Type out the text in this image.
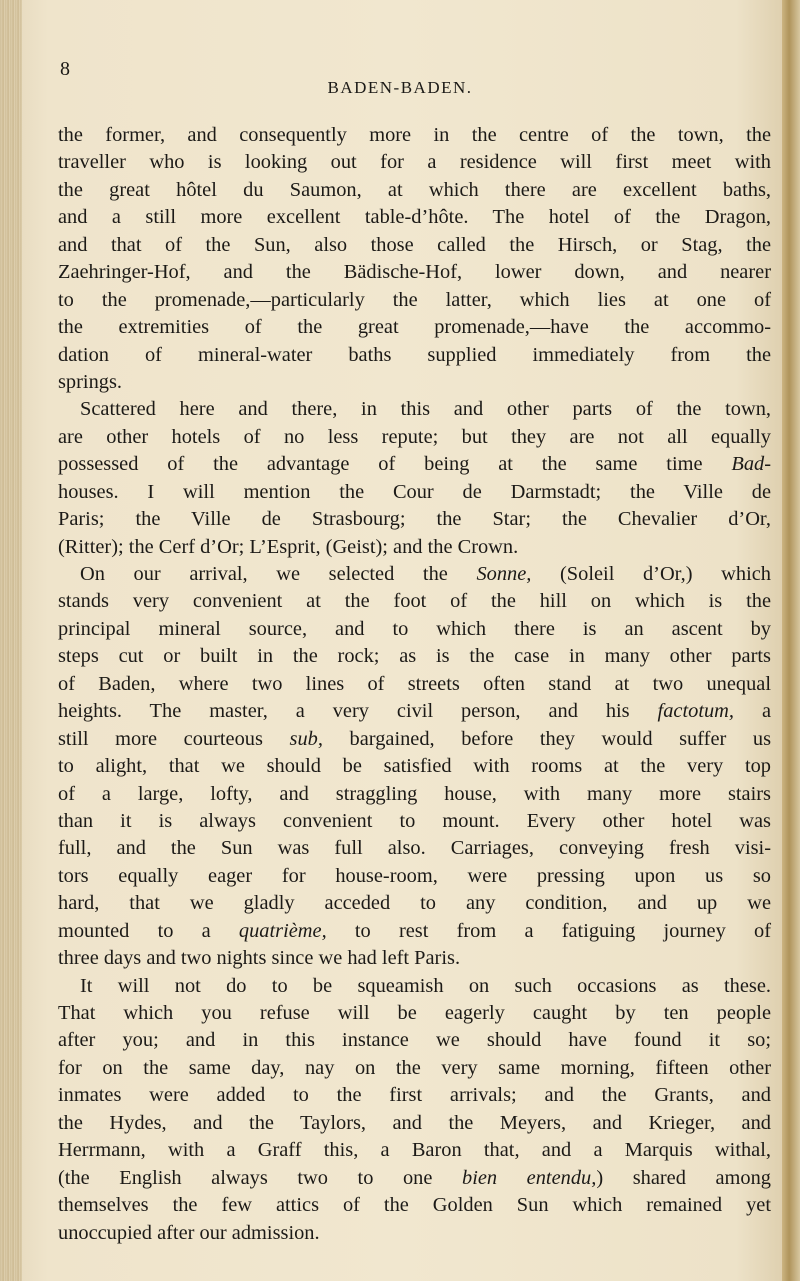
8
BADEN-BADEN.
the former, and consequently more in the centre of the town, the
traveller who is looking out for a residence will first meet with
the great hôtel du Saumon, at which there are excellent baths,
and a still more excellent table-d’hôte. The hotel of the Dragon,
and that of the Sun, also those called the Hirsch, or Stag, the
Zaehringer-Hof, and the Bädische-Hof, lower down, and nearer
to the promenade,—particularly the latter, which lies at one of
the extremities of the great promenade,—have the accommo-
dation of mineral-water baths supplied immediately from the
springs.
Scattered here and there, in this and other parts of the town,
are other hotels of no less repute; but they are not all equally
possessed of the advantage of being at the same time Bad-
houses. I will mention the Cour de Darmstadt; the Ville de
Paris; the Ville de Strasbourg; the Star; the Chevalier d’Or,
(Ritter); the Cerf d’Or; L’Esprit, (Geist); and the Crown.
On our arrival, we selected the Sonne, (Soleil d’Or,) which
stands very convenient at the foot of the hill on which is the
principal mineral source, and to which there is an ascent by
steps cut or built in the rock; as is the case in many other parts
of Baden, where two lines of streets often stand at two unequal
heights. The master, a very civil person, and his factotum, a
still more courteous sub, bargained, before they would suffer us
to alight, that we should be satisfied with rooms at the very top
of a large, lofty, and straggling house, with many more stairs
than it is always convenient to mount. Every other hotel was
full, and the Sun was full also. Carriages, conveying fresh visi-
tors equally eager for house-room, were pressing upon us so
hard, that we gladly acceded to any condition, and up we
mounted to a quatrième, to rest from a fatiguing journey of
three days and two nights since we had left Paris.
It will not do to be squeamish on such occasions as these.
That which you refuse will be eagerly caught by ten people
after you; and in this instance we should have found it so;
for on the same day, nay on the very same morning, fifteen other
inmates were added to the first arrivals; and the Grants, and
the Hydes, and the Taylors, and the Meyers, and Krieger, and
Herrmann, with a Graff this, a Baron that, and a Marquis withal,
(the English always two to one bien entendu,) shared among
themselves the few attics of the Golden Sun which remained yet
unoccupied after our admission.
